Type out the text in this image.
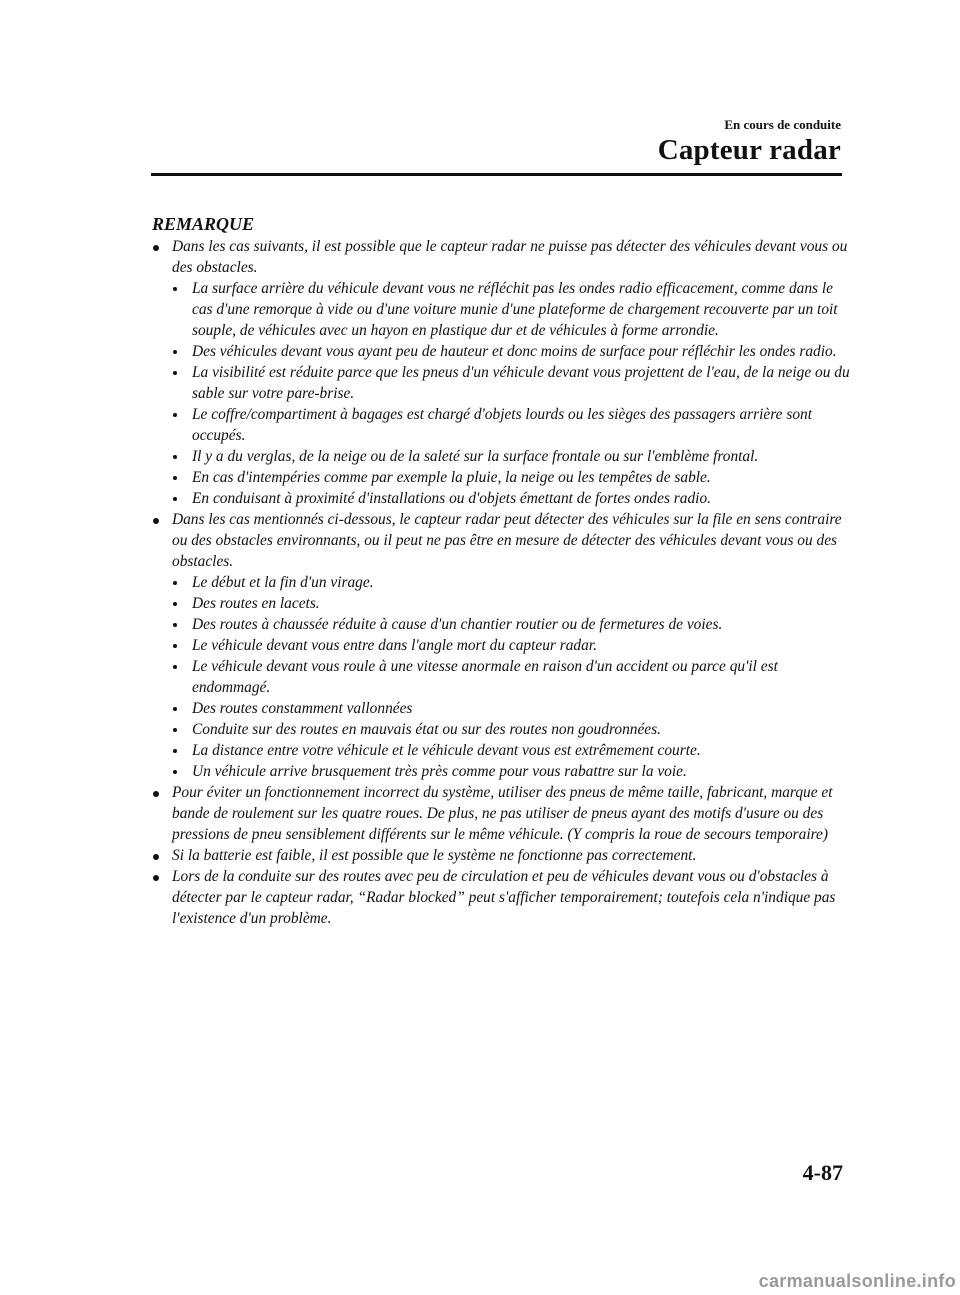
En cours de conduite
Capteur radar
REMARQUE
Dans les cas suivants, il est possible que le capteur radar ne puisse pas détecter des véhicules devant vous ou des obstacles.
La surface arrière du véhicule devant vous ne réfléchit pas les ondes radio efficacement, comme dans le cas d'une remorque à vide ou d'une voiture munie d'une plateforme de chargement recouverte par un toit souple, de véhicules avec un hayon en plastique dur et de véhicules à forme arrondie.
Des véhicules devant vous ayant peu de hauteur et donc moins de surface pour réfléchir les ondes radio.
La visibilité est réduite parce que les pneus d'un véhicule devant vous projettent de l'eau, de la neige ou du sable sur votre pare-brise.
Le coffre/compartiment à bagages est chargé d'objets lourds ou les sièges des passagers arrière sont occupés.
Il y a du verglas, de la neige ou de la saleté sur la surface frontale ou sur l'emblème frontal.
En cas d'intempéries comme par exemple la pluie, la neige ou les tempêtes de sable.
En conduisant à proximité d'installations ou d'objets émettant de fortes ondes radio.
Dans les cas mentionnés ci-dessous, le capteur radar peut détecter des véhicules sur la file en sens contraire ou des obstacles environnants, ou il peut ne pas être en mesure de détecter des véhicules devant vous ou des obstacles.
Le début et la fin d'un virage.
Des routes en lacets.
Des routes à chaussée réduite à cause d'un chantier routier ou de fermetures de voies.
Le véhicule devant vous entre dans l'angle mort du capteur radar.
Le véhicule devant vous roule à une vitesse anormale en raison d'un accident ou parce qu'il est endommagé.
Des routes constamment vallonnées
Conduite sur des routes en mauvais état ou sur des routes non goudronnées.
La distance entre votre véhicule et le véhicule devant vous est extrêmement courte.
Un véhicule arrive brusquement très près comme pour vous rabattre sur la voie.
Pour éviter un fonctionnement incorrect du système, utiliser des pneus de même taille, fabricant, marque et bande de roulement sur les quatre roues. De plus, ne pas utiliser de pneus ayant des motifs d'usure ou des pressions de pneu sensiblement différents sur le même véhicule. (Y compris la roue de secours temporaire)
Si la batterie est faible, il est possible que le système ne fonctionne pas correctement.
Lors de la conduite sur des routes avec peu de circulation et peu de véhicules devant vous ou d'obstacles à détecter par le capteur radar, “Radar blocked” peut s'afficher temporairement; toutefois cela n'indique pas l'existence d'un problème.
4-87
carmanualsonline.info
